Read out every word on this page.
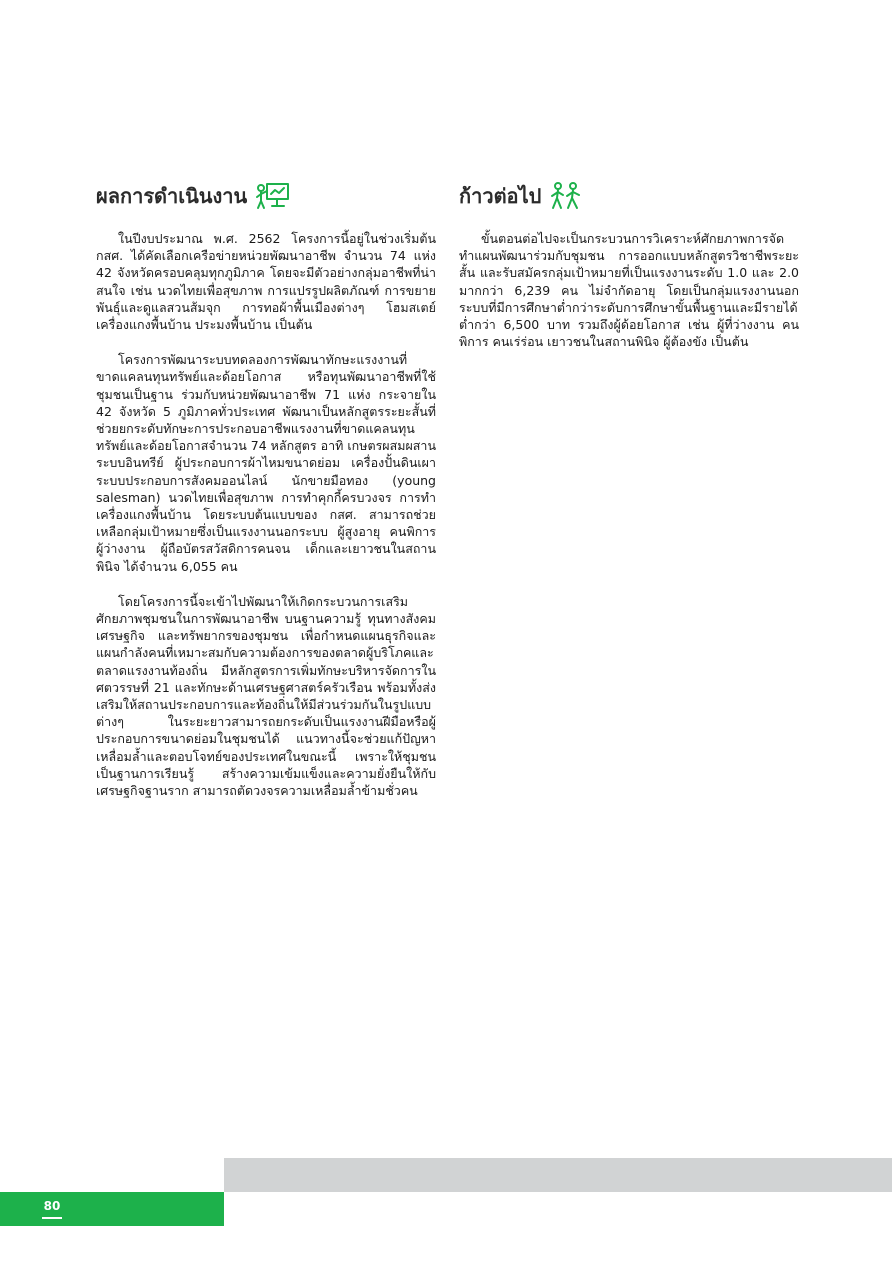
ผลการดำเนินงาน

ในปีงบประมาณ พ.ศ. 2562 โครงการนี้อยู่ในช่วงเริ่มต้น กสศ. ได้คัดเลือกเครือข่ายหน่วยพัฒนาอาชีพ จำนวน 74 แห่ง 42 จังหวัดครอบคลุมทุกภูมิภาค โดยจะมีตัวอย่างกลุ่มอาชีพที่น่าสนใจ เช่น นวดไทยเพื่อสุขภาพ การแปรรูปผลิตภัณฑ์ การขยายพันธุ์และดูแลสวนส้มจุก การทอผ้าพื้นเมืองต่างๆ โฮมสเตย์ เครื่องแกงพื้นบ้าน ประมงพื้นบ้าน เป็นต้น

โครงการพัฒนาระบบทดลองการพัฒนาทักษะแรงงานที่ขาดแคลนทุนทรัพย์และด้อยโอกาส หรือทุนพัฒนาอาชีพที่ใช้ชุมชนเป็นฐาน ร่วมกับหน่วยพัฒนาอาชีพ 71 แห่ง กระจายใน 42 จังหวัด 5 ภูมิภาคทั่วประเทศ พัฒนาเป็นหลักสูตรระยะสั้นที่ช่วยยกระดับทักษะการประกอบอาชีพแรงงานที่ขาดแคลนทุนทรัพย์และด้อยโอกาสจำนวน 74 หลักสูตร อาทิ เกษตรผสมผสานระบบอินทรีย์ ผู้ประกอบการผ้าไหมขนาดย่อม เครื่องปั้นดินเผา ระบบประกอบการสังคมออนไลน์ นักขายมือทอง (young salesman) นวดไทยเพื่อสุขภาพ การทำคุกกี้ครบวงจร การทำเครื่องแกงพื้นบ้าน โดยระบบต้นแบบของ กสศ. สามารถช่วยเหลือกลุ่มเป้าหมายซึ่งเป็นแรงงานนอกระบบ ผู้สูงอายุ คนพิการ ผู้ว่างงาน ผู้ถือบัตรสวัสดิการคนจน เด็กและเยาวชนในสถานพินิจ ได้จำนวน 6,055 คน

โดยโครงการนี้จะเข้าไปพัฒนาให้เกิดกระบวนการเสริมศักยภาพชุมชนในการพัฒนาอาชีพ บนฐานความรู้ ทุนทางสังคม เศรษฐกิจ และทรัพยากรของชุมชน เพื่อกำหนดแผนธุรกิจและแผนกำลังคนที่เหมาะสมกับความต้องการของตลาดผู้บริโภคและตลาดแรงงานท้องถิ่น มีหลักสูตรการเพิ่มทักษะบริหารจัดการในศตวรรษที่ 21 และทักษะด้านเศรษฐศาสตร์ครัวเรือน พร้อมทั้งส่งเสริมให้สถานประกอบการและท้องถิ่นให้มีส่วนร่วมกันในรูปแบบต่างๆ ในระยะยาวสามารถยกระดับเป็นแรงงานฝีมือหรือผู้ประกอบการขนาดย่อมในชุมชนได้ แนวทางนี้จะช่วยแก้ปัญหาเหลื่อมล้ำและตอบโจทย์ของประเทศในขณะนี้ เพราะให้ชุมชนเป็นฐานการเรียนรู้ สร้างความเข้มแข็งและความยั่งยืนให้กับเศรษฐกิจฐานราก สามารถตัดวงจรความเหลื่อมล้ำข้ามชั่วคน

ก้าวต่อไป

ขั้นตอนต่อไปจะเป็นกระบวนการวิเคราะห์ศักยภาพการจัดทำแผนพัฒนาร่วมกับชุมชน การออกแบบหลักสูตรวิชาชีพระยะสั้น และรับสมัครกลุ่มเป้าหมายที่เป็นแรงงานระดับ 1.0 และ 2.0 มากกว่า 6,239 คน ไม่จำกัดอายุ โดยเป็นกลุ่มแรงงานนอกระบบที่มีการศึกษาต่ำกว่าระดับการศึกษาขั้นพื้นฐานและมีรายได้ต่ำกว่า 6,500 บาท รวมถึงผู้ด้อยโอกาส เช่น ผู้ที่ว่างงาน คนพิการ คนเร่ร่อน เยาวชนในสถานพินิจ ผู้ต้องขัง เป็นต้น

80
